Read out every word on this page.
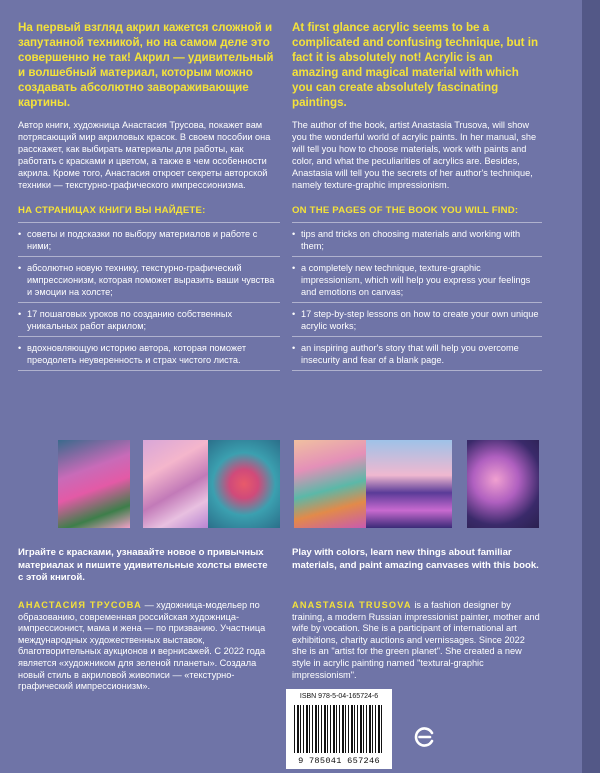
На первый взгляд акрил кажется сложной и запутанной техникой, но на самом деле это совершенно не так! Акрил — удивительный и волшебный материал, которым можно создавать абсолютно завораживающие картины.

Автор книги, художница Анастасия Трусова, покажет вам потрясающий мир акриловых красок. В своем пособии она расскажет, как выбирать материалы для работы, как работать с красками и цветом, а также в чем особенности акрила. Кроме того, Анастасия откроет секреты авторской техники — текстурно-графического импрессионизма.

НА СТРАНИЦАХ КНИГИ ВЫ НАЙДЕТЕ:
• советы и подсказки по выбору материалов и работе с ними;
• абсолютно новую технику, текстурно-графический импрессионизм, которая поможет выразить ваши чувства и эмоции на холсте;
• 17 пошаговых уроков по созданию собственных уникальных работ акрилом;
• вдохновляющую историю автора, которая поможет преодолеть неуверенность и страх чистого листа.

At first glance acrylic seems to be a complicated and confusing technique, but in fact it is absolutely not! Acrylic is an amazing and magical material with which you can create absolutely fascinating paintings.

The author of the book, artist Anastasia Trusova, will show you the wonderful world of acrylic paints. In her manual, she will tell you how to choose materials, work with paints and color, and what the peculiarities of acrylics are. Besides, Anastasia will tell you the secrets of her author's technique, namely texture-graphic impressionism.

ON THE PAGES OF THE BOOK YOU WILL FIND:
• tips and tricks on choosing materials and working with them;
• a completely new technique, texture-graphic impressionism, which will help you express your feelings and emotions on canvas;
• 17 step-by-step lessons on how to create your own unique acrylic works;
• an inspiring author's story that will help you overcome insecurity and fear of a blank page.
Играйте с красками, узнавайте новое о привычных материалах и пишите удивительные холсты вместе с этой книгой.
Play with colors, learn new things about familiar materials, and paint amazing canvases with this book.
АНАСТАСИЯ ТРУСОВА — художница-модельер по образованию, современная российская художница-импрессионист, мама и жена — по призванию. Участница международных художественных выставок, благотворительных аукционов и вернисажей. С 2022 года является «художником для зеленой планеты». Создала новый стиль в акриловой живописи — «текстурно-графический импрессионизм».
ANASTASIA TRUSOVA is a fashion designer by training, a modern Russian impressionist painter, mother and wife by vocation. She is a participant of international art exhibitions, charity auctions and vernissages. Since 2022 she is an "artist for the green planet". She created a new style in acrylic painting named "textural-graphic impressionism".
ISBN 978-5-04-165724-6
9 785041 657246
